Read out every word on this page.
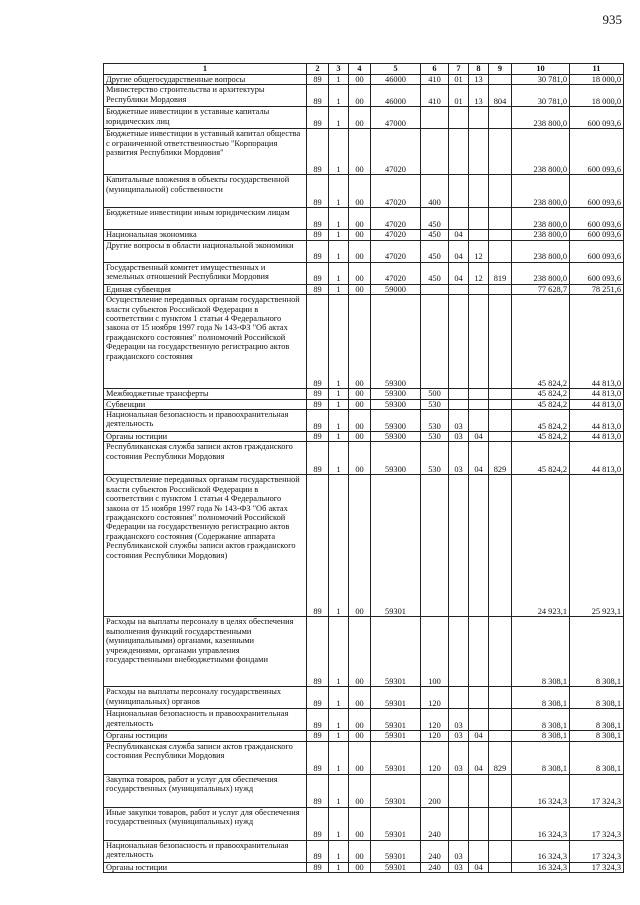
935
1	2	3	4	5	6	7	8	9	10	11
Другие общегосударственные вопросы	89	1	00	46000	410	01	13		30 781,0	18 000,0
Министерство строительства и архитектуры Республики Мордовия	89	1	00	46000	410	01	13	804	30 781,0	18 000,0
Бюджетные инвестиции в уставные капиталы юридических лиц	89	1	00	47000					238 800,0	600 093,6
Бюджетные инвестиции в уставный капитал общества с ограниченной ответственностью "Корпорация развития Республики Мордовия"	89	1	00	47020					238 800,0	600 093,6
Капитальные вложения в объекты государственной (муниципальной) собственности	89	1	00	47020	400				238 800,0	600 093,6
Бюджетные инвестиции иным юридическим лицам	89	1	00	47020	450				238 800,0	600 093,6
Национальная экономика	89	1	00	47020	450	04			238 800,0	600 093,6
Другие вопросы в области национальной экономики	89	1	00	47020	450	04	12		238 800,0	600 093,6
Государственный комитет имущественных и земельных отношений Республики Мордовия	89	1	00	47020	450	04	12	819	238 800,0	600 093,6
Единая субвенция	89	1	00	59000					77 628,7	78 251,6
Осуществление переданных органам государственной власти субъектов Российской Федерации в соответствии с пунктом 1 статьи 4 Федерального закона от 15 ноября 1997 года № 143-ФЗ "Об актах гражданского состояния" полномочий Российской Федерации на государственную регистрацию актов гражданского состояния	89	1	00	59300					45 824,2	44 813,0
Межбюджетные трансферты	89	1	00	59300	500				45 824,2	44 813,0
Субвенции	89	1	00	59300	530				45 824,2	44 813,0
Национальная безопасность и правоохранительная деятельность	89	1	00	59300	530	03			45 824,2	44 813,0
Органы юстиции	89	1	00	59300	530	03	04		45 824,2	44 813,0
Республиканская служба записи актов гражданского состояния Республики Мордовия	89	1	00	59300	530	03	04	829	45 824,2	44 813,0
Осуществление переданных органам государственной власти субъектов Российской Федерации в соответствии с пунктом 1 статьи 4 Федерального закона от 15 ноября 1997 года № 143-ФЗ "Об актах гражданского состояния" полномочий Российской Федерации на государственную регистрацию актов гражданского состояния (Содержание аппарата Республиканской службы записи актов гражданского состояния Республики Мордовия)	89	1	00	59301					24 923,1	25 923,1
Расходы на выплаты персоналу в целях обеспечения выполнения функций государственными (муниципальными) органами, казенными учреждениями, органами управления государственными внебюджетными фондами	89	1	00	59301	100				8 308,1	8 308,1
Расходы на выплаты персоналу государственных (муниципальных) органов	89	1	00	59301	120				8 308,1	8 308,1
Национальная безопасность и правоохранительная деятельность	89	1	00	59301	120	03			8 308,1	8 308,1
Органы юстиции	89	1	00	59301	120	03	04		8 308,1	8 308,1
Республиканская служба записи актов гражданского состояния Республики Мордовия	89	1	00	59301	120	03	04	829	8 308,1	8 308,1
Закупка товаров, работ и услуг для обеспечения государственных (муниципальных) нужд	89	1	00	59301	200				16 324,3	17 324,3
Иные закупки товаров, работ и услуг для обеспечения государственных (муниципальных) нужд	89	1	00	59301	240				16 324,3	17 324,3
Национальная безопасность и правоохранительная деятельность	89	1	00	59301	240	03			16 324,3	17 324,3
Органы юстиции	89	1	00	59301	240	03	04		16 324,3	17 324,3
